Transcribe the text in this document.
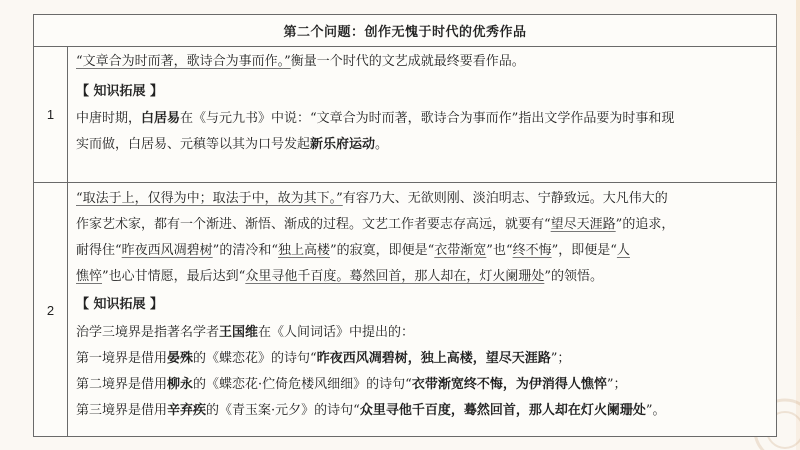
第二个问题：创作无愧于时代的优秀作品
1
“文章合为时而著，歌诗合为事而作。”衡量一个时代的文艺成就最终要看作品。
【 知识拓展 】
中唐时期，白居易在《与元九书》中说：“文章合为时而著，歌诗合为事而作”指出文学作品要为时事和现
实而做，白居易、元稹等以其为口号发起新乐府运动。
2
“取法于上，仅得为中；取法于中，故为其下。”有容乃大、无欲则刚、淡泊明志、宁静致远。大凡伟大的
作家艺术家，都有一个渐进、渐悟、渐成的过程。文艺工作者要志存高远，就要有“望尽天涯路”的追求，
耐得住“昨夜西风凋碧树”的清冷和“独上高楼”的寂寞，即便是“衣带渐宽”也“终不悔”，即便是“人
憔悴”也心甘情愿，最后达到“众里寻他千百度。蓦然回首，那人却在，灯火阑珊处”的领悟。
【 知识拓展 】
治学三境界是指著名学者王国维在《人间词话》中提出的：
第一境界是借用晏殊的《蝶恋花》的诗句“昨夜西风凋碧树，独上高楼，望尽天涯路”；
第二境界是借用柳永的《蝶恋花·伫倚危楼风细细》的诗句“衣带渐宽终不悔，为伊消得人憔悴”；
第三境界是借用辛弃疾的《青玉案·元夕》的诗句“众里寻他千百度，蓦然回首，那人却在灯火阑珊处”。
